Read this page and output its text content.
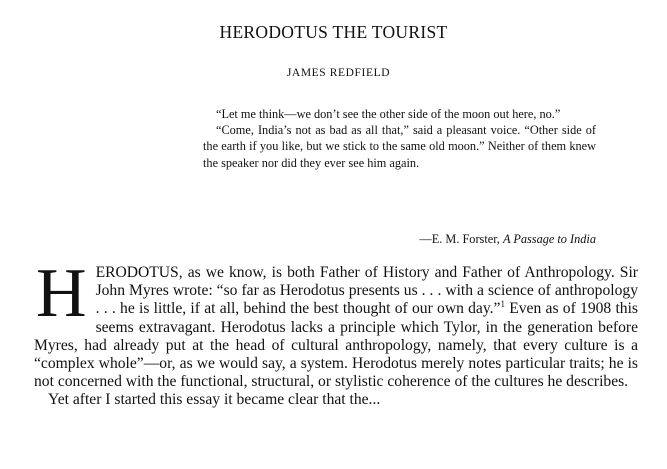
HERODOTUS THE TOURIST
JAMES REDFIELD

“Let me think—we don’t see the other side of the moon out here, no.”

“Come, India’s not as bad as all that,” said a pleasant voice. “Other side of the earth if you like, but we stick to the same old moon.” Neither of them knew the speaker nor did they ever see him again.

—E. M. Forster, A Passage to India

HERODOTUS, as we know, is both Father of History and Father of Anthropology. Sir John Myres wrote: “so far as Herodotus presents us . . . with a science of anthropology . . . he is little, if at all, behind the best thought of our own day.”$^1$ Even as of 1908 this seems extravagant. Herodotus lacks a principle which Tylor, in the generation before Myres, had already put at the head of cultural anthropology, namely, that every culture is a “complex whole”—or, as we would say, a system. Herodotus merely notes particular traits; he is not concerned with the functional, structural, or stylistic coherence of the cultures he describes.

Yet after I started this essay it became clear that the...
